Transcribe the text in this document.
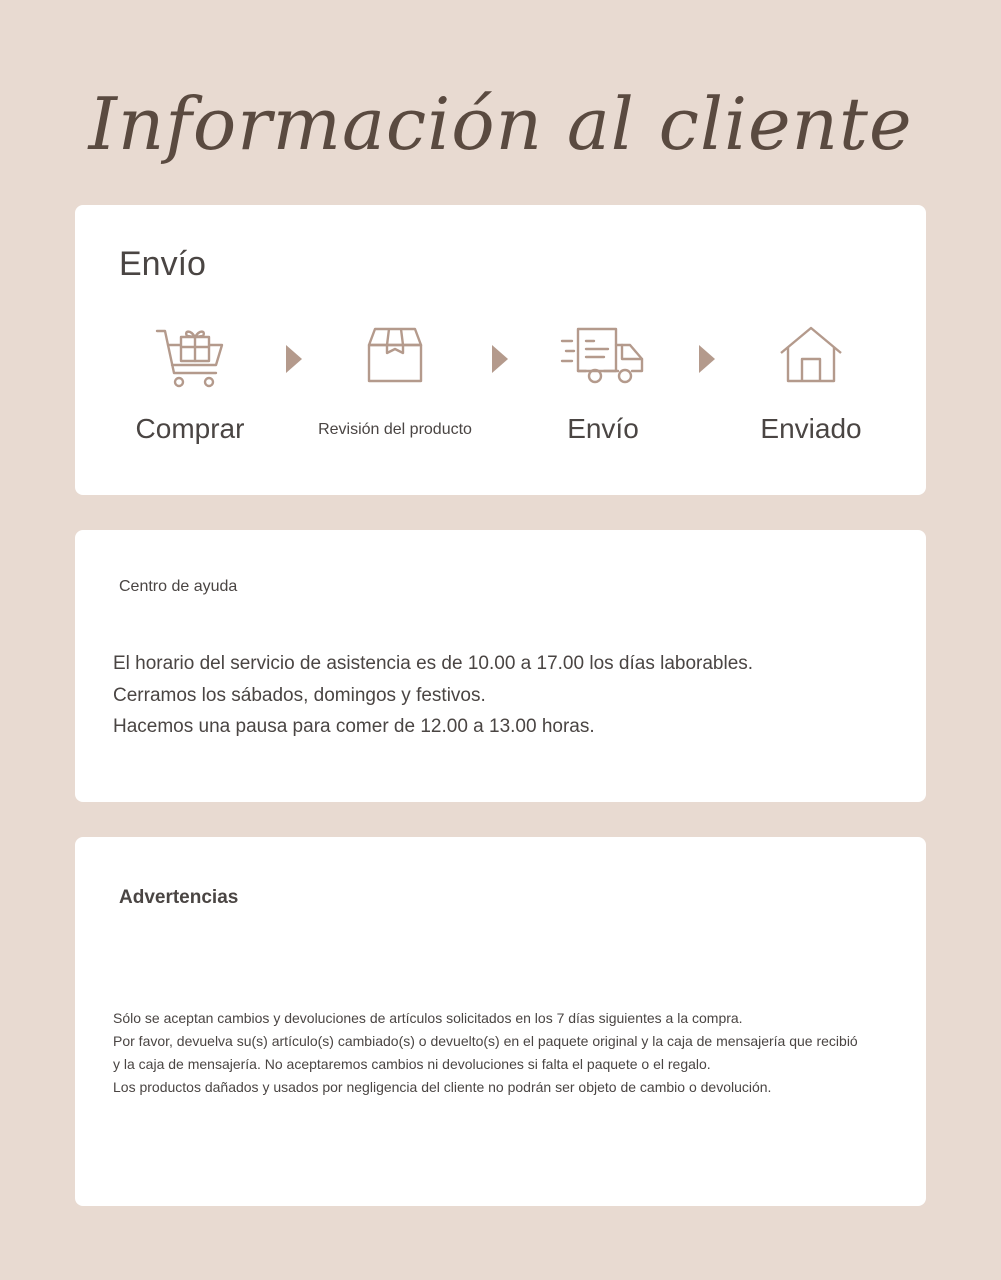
Información al cliente
Envío
Comprar	Revisión del producto	Envío	Enviado
Centro de ayuda
El horario del servicio de asistencia es de 10.00 a 17.00 los días laborables.
Cerramos los sábados, domingos y festivos.
Hacemos una pausa para comer de 12.00 a 13.00 horas.
Advertencias
Sólo se aceptan cambios y devoluciones de artículos solicitados en los 7 días siguientes a la compra.
Por favor, devuelva su(s) artículo(s) cambiado(s) o devuelto(s) en el paquete original y la caja de mensajería que recibió
y la caja de mensajería. No aceptaremos cambios ni devoluciones si falta el paquete o el regalo.
Los productos dañados y usados por negligencia del cliente no podrán ser objeto de cambio o devolución.
